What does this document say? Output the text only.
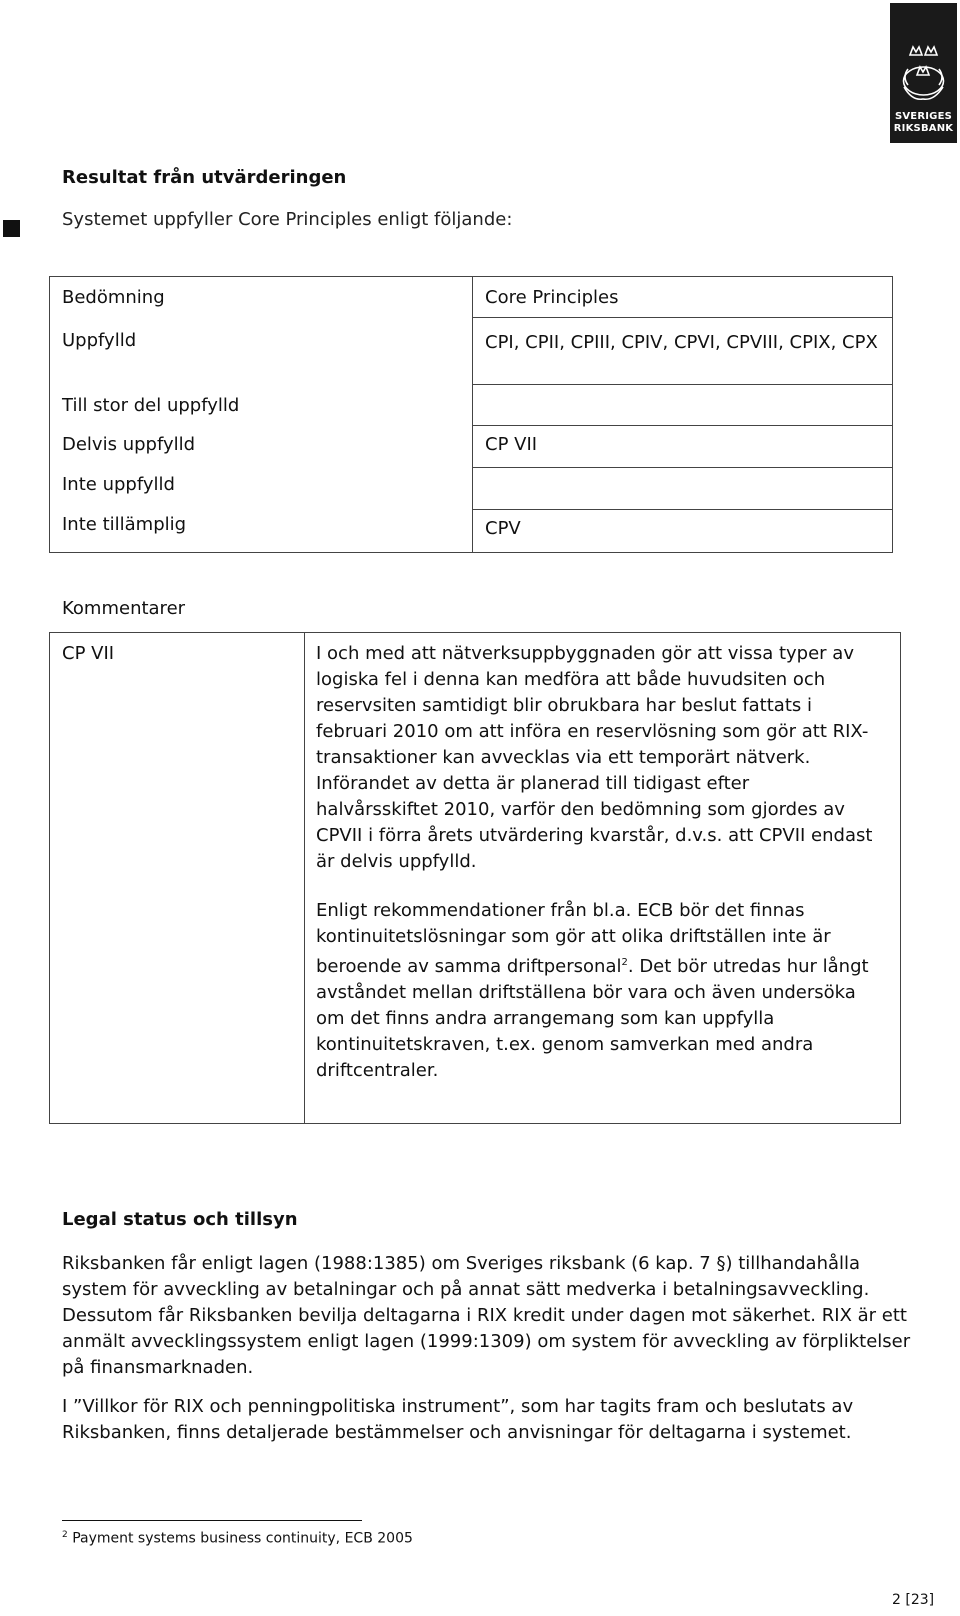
SVERIGES
RIKSBANK
Resultat från utvärderingen
Systemet uppfyller Core Principles enligt följande:
Bedömning	Core Principles
Uppfylld	CPI, CPII, CPIII, CPIV, CPVI, CPVIII, CPIX, CPX
Till stor del uppfylld	
Delvis uppfylld	CP VII
Inte uppfylld	
Inte tillämplig	CPV
Kommentarer
CP VII	I och med att nätverksuppbyggnaden gör att vissa typer av logiska fel i denna kan medföra att både huvudsiten och reservsiten samtidigt blir obrukbara har beslut fattats i februari 2010 om att införa en reservlösning som gör att RIX-transaktioner kan avvecklas via ett temporärt nätverk. Införandet av detta är planerad till tidigast efter halvårsskiftet 2010, varför den bedömning som gjordes av CPVII i förra årets utvärdering kvarstår, d.v.s. att CPVII endast är delvis uppfylld.
Enligt rekommendationer från bl.a. ECB bör det finnas kontinuitetslösningar som gör att olika driftställen inte är beroende av samma driftpersonal$^2$. Det bör utredas hur långt avståndet mellan driftställena bör vara och även undersöka om det finns andra arrangemang som kan uppfylla kontinuitetskraven, t.ex. genom samverkan med andra driftcentraler.
Legal status och tillsyn
Riksbanken får enligt lagen (1988:1385) om Sveriges riksbank (6 kap. 7 §) tillhandahålla system för avveckling av betalningar och på annat sätt medverka i betalningsavveckling. Dessutom får Riksbanken bevilja deltagarna i RIX kredit under dagen mot säkerhet. RIX är ett anmält avvecklingssystem enligt lagen (1999:1309) om system för avveckling av förpliktelser på finansmarknaden.
I ”Villkor för RIX och penningpolitiska instrument”, som har tagits fram och beslutats av Riksbanken, finns detaljerade bestämmelser och anvisningar för deltagarna i systemet.
$^2$ Payment systems business continuity, ECB 2005
2 [23]
